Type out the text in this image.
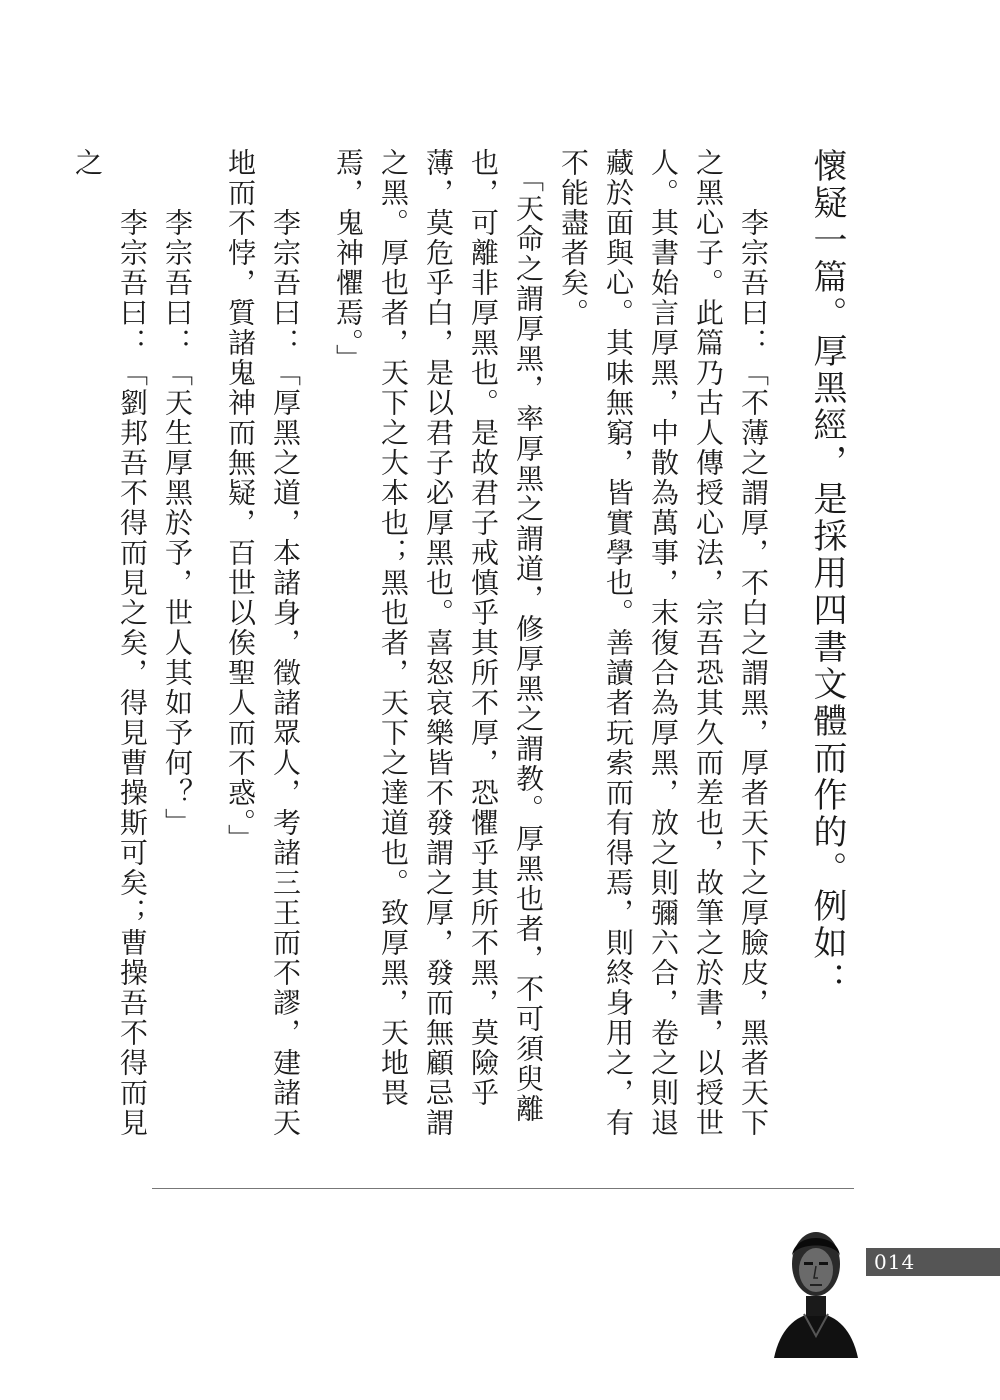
懷疑一篇。厚黑經，是採用四書文體而作的。例如：

　　李宗吾曰：「不薄之謂厚，不白之謂黑，厚者天下之厚臉皮，黑者天下之黑心子。此篇乃古人傳授心法，宗吾恐其久而差也，故筆之於書，以授世人。其書始言厚黑，中散為萬事，末復合為厚黑，放之則彌六合，卷之則退藏於面與心。其味無窮，皆實學也。善讀者玩索而有得焉，則終身用之，有不能盡者矣。

　「天命之謂厚黑，率厚黑之謂道，修厚黑之謂教。厚黑也者，不可須臾離也，可離非厚黑也。是故君子戒慎乎其所不厚，恐懼乎其所不黑，莫險乎薄，莫危乎白，是以君子必厚黑也。喜怒哀樂皆不發謂之厚，發而無顧忌謂之黑。厚也者，天下之大本也；黑也者，天下之達道也。致厚黑，天地畏焉，鬼神懼焉。」

　　李宗吾曰：「厚黑之道，本諸身，徵諸眾人，考諸三王而不謬，建諸天地而不悖，質諸鬼神而無疑，百世以俟聖人而不惑。」

　　李宗吾曰：「天生厚黑於予，世人其如予何？」

　　李宗吾曰：「劉邦吾不得而見之矣，得見曹操斯可矣；曹操吾不得而見之

014
